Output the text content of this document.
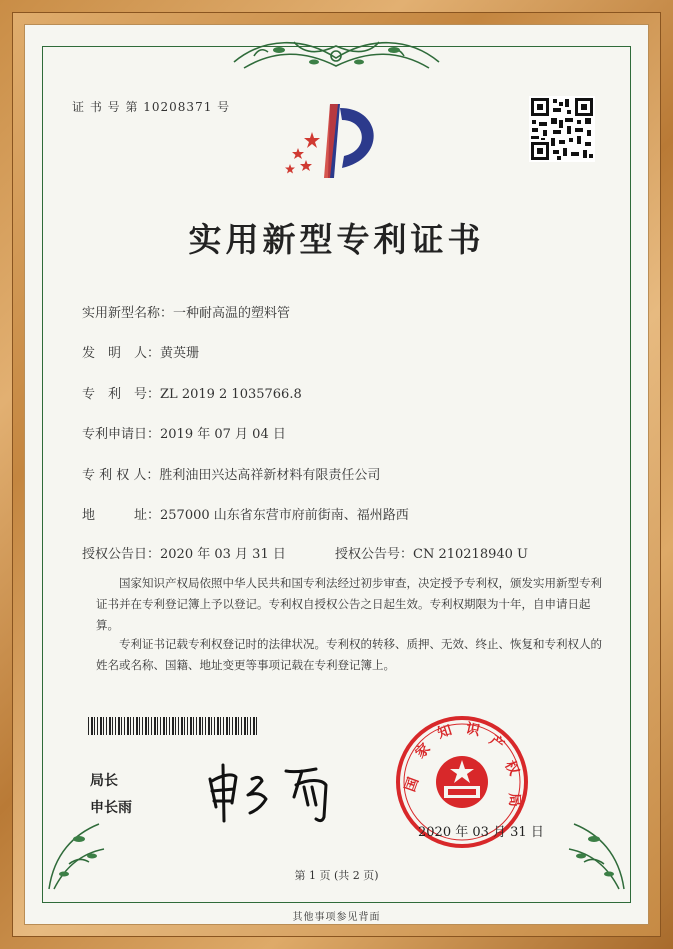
证 书 号 第 10208371 号
实用新型专利证书
实用新型名称：一种耐高温的塑料管
发　明　人：黄英珊
专　利　号：ZL 2019 2 1035766.8
专利申请日：2019 年 07 月 04 日
专 利 权 人：胜利油田兴达高祥新材料有限责任公司
地　　　址：257000 山东省东营市府前街南、福州路西
授权公告日：2020 年 03 月 31 日	授权公告号：CN 210218940 U
国家知识产权局依照中华人民共和国专利法经过初步审查，决定授予专利权，颁发实用新型专利证书并在专利登记簿上予以登记。专利权自授权公告之日起生效。专利权期限为十年，自申请日起算。
专利证书记载专利权登记时的法律状况。专利权的转移、质押、无效、终止、恢复和专利权人的姓名或名称、国籍、地址变更等事项记载在专利登记簿上。
局长
申长雨
国
家
知 识
产
权
局
2020 年 03 月 31 日
第 1 页 (共 2 页)
其他事项参见背面
